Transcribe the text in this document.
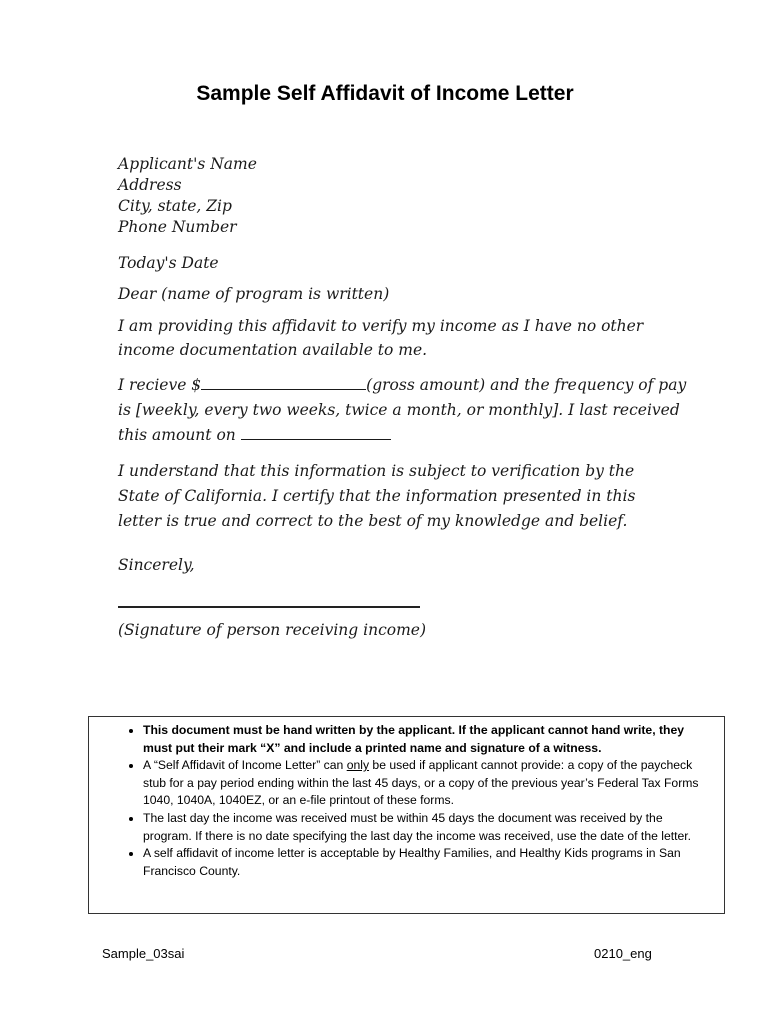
Sample Self Affidavit of Income Letter
Applicant's Name
Address
City, state, Zip
Phone Number
Today's Date
Dear (name of program is written)
I am providing this affidavit to verify my income as I have no other
income documentation available to me.
I recieve $	(gross amount) and the frequency of pay
is [weekly, every two weeks, twice a month, or monthly]. I last received
this amount on
I understand that this information is subject to verification by the
State of California. I certify that the information presented in this
letter is true and correct to the best of my knowledge and belief.
Sincerely,
(Signature of person receiving income)
• This document must be hand written by the applicant. If the applicant cannot hand write, they must put their mark “X” and include a printed name and signature of a witness.
• A “Self Affidavit of Income Letter” can only be used if applicant cannot provide: a copy of the paycheck stub for a pay period ending within the last 45 days, or a copy of the previous year’s Federal Tax Forms 1040, 1040A, 1040EZ, or an e-file printout of these forms.
• The last day the income was received must be within 45 days the document was received by the program. If there is no date specifying the last day the income was received, use the date of the letter.
• A self affidavit of income letter is acceptable by Healthy Families, and Healthy Kids programs in San Francisco County.
Sample_03sai	0210_eng
